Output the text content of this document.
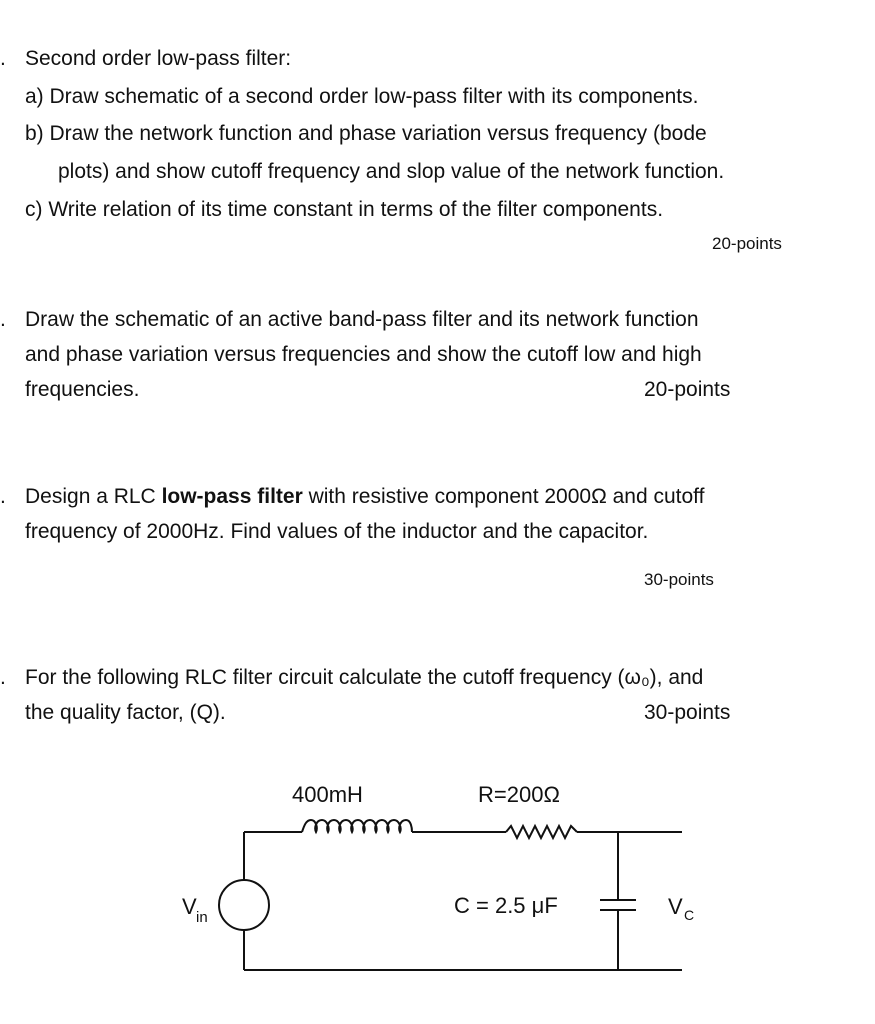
. Second order low-pass filter:
a) Draw schematic of a second order low-pass filter with its components.
b) Draw the network function and phase variation versus frequency (bode
plots) and show cutoff frequency and slop value of the network function.
c) Write relation of its time constant in terms of the filter components.
20-points
. Draw the schematic of an active band-pass filter and its network function
and phase variation versus frequencies and show the cutoff low and high
frequencies.	20-points
. Design a RLC low-pass filter with resistive component 2000Ω and cutoff
frequency of 2000Hz. Find values of the inductor and the capacitor.
30-points
. For the following RLC filter circuit calculate the cutoff frequency (ω₀), and
the quality factor, (Q).	30-points
400mH	R=200Ω
C = 2.5 μF
V in	V C
